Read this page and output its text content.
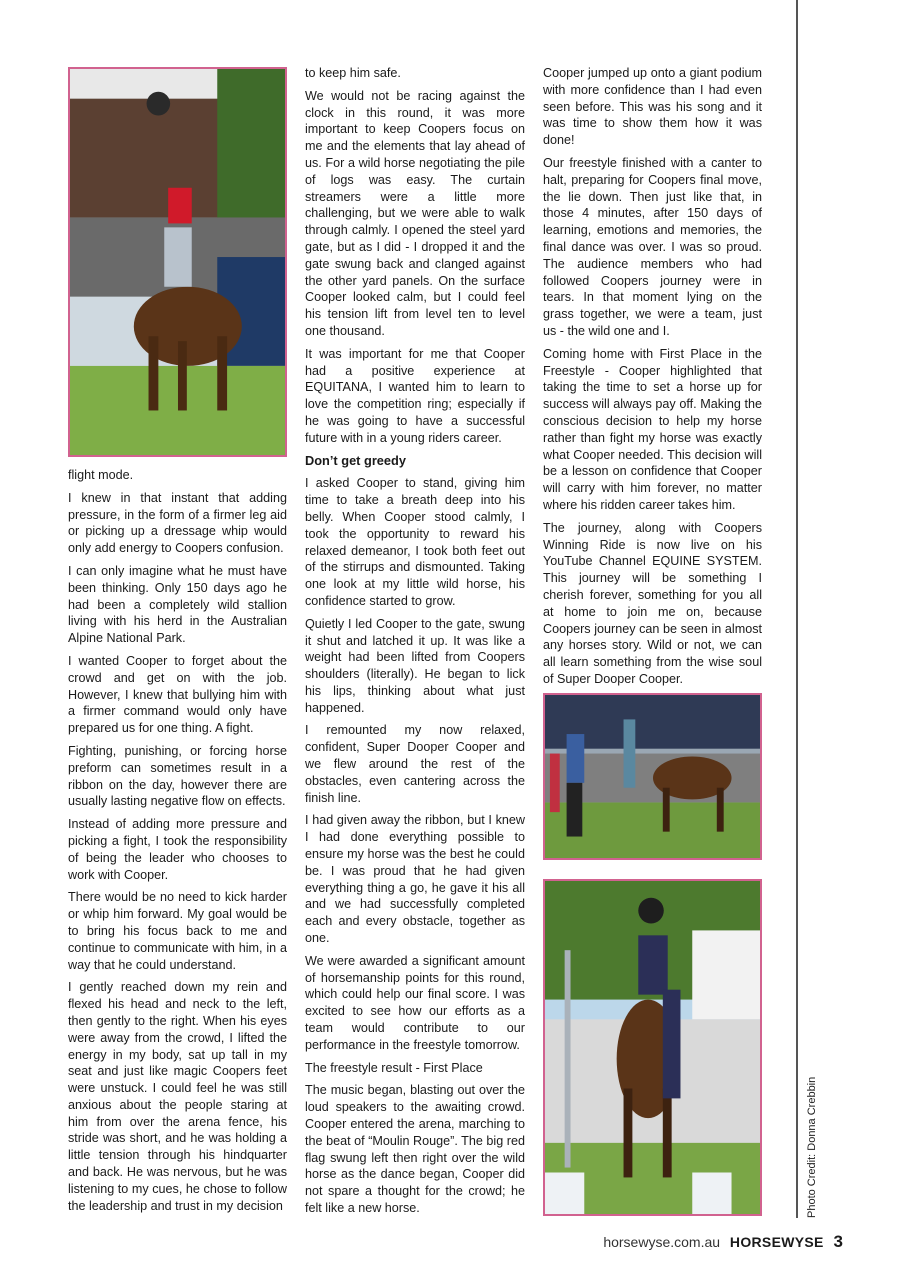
flight mode.

I knew in that instant that adding pressure, in the form of a firmer leg aid or picking up a dressage whip would only add energy to Coopers confusion.

I can only imagine what he must have been thinking. Only 150 days ago he had been a completely wild stallion living with his herd in the Australian Alpine National Park.

I wanted Cooper to forget about the crowd and get on with the job. However, I knew that bullying him with a firmer command would only have prepared us for one thing. A fight.

Fighting, punishing, or forcing horse preform can sometimes result in a ribbon on the day, however there are usually lasting negative flow on effects.

Instead of adding more pressure and picking a fight, I took the responsibility of being the leader who chooses to work with Cooper.

There would be no need to kick harder or whip him forward. My goal would be to bring his focus back to me and continue to communicate with him, in a way that he could understand.

I gently reached down my rein and flexed his head and neck to the left, then gently to the right. When his eyes were away from the crowd, I lifted the energy in my body, sat up tall in my seat and just like magic Coopers feet were unstuck. I could feel he was still anxious about the people staring at him from over the arena fence, his stride was short, and he was holding a little tension through his hindquarter and back. He was nervous, but he was listening to my cues, he chose to follow the leadership and trust in my decision

to keep him safe.

We would not be racing against the clock in this round, it was more important to keep Coopers focus on me and the elements that lay ahead of us. For a wild horse negotiating the pile of logs was easy. The curtain streamers were a little more challenging, but we were able to walk through calmly. I opened the steel yard gate, but as I did - I dropped it and the gate swung back and clanged against the other yard panels. On the surface Cooper looked calm, but I could feel his tension lift from level ten to level one thousand.

It was important for me that Cooper had a positive experience at EQUITANA, I wanted him to learn to love the competition ring; especially if he was going to have a successful future with in a young riders career.

Don’t get greedy

I asked Cooper to stand, giving him time to take a breath deep into his belly. When Cooper stood calmly, I took the opportunity to reward his relaxed demeanor, I took both feet out of the stirrups and dismounted. Taking one look at my little wild horse, his confidence started to grow.

Quietly I led Cooper to the gate, swung it shut and latched it up. It was like a weight had been lifted from Coopers shoulders (literally). He began to lick his lips, thinking about what just happened.

I remounted my now relaxed, confident, Super Dooper Cooper and we flew around the rest of the obstacles, even cantering across the finish line.

I had given away the ribbon, but I knew I had done everything possible to ensure my horse was the best he could be. I was proud that he had given everything thing a go, he gave it his all and we had successfully completed each and every obstacle, together as one.

We were awarded a significant amount of horsemanship points for this round, which could help our final score. I was excited to see how our efforts as a team would contribute to our performance in the freestyle tomorrow.

The freestyle result - First Place

The music began, blasting out over the loud speakers to the awaiting crowd. Cooper entered the arena, marching to the beat of “Moulin Rouge”. The big red flag swung left then right over the wild horse as the dance began, Cooper did not spare a thought for the crowd; he felt like a new horse.

Cooper jumped up onto a giant podium with more confidence than I had even seen before. This was his song and it was time to show them how it was done!

Our freestyle finished with a canter to halt, preparing for Coopers final move, the lie down. Then just like that, in those 4 minutes, after 150 days of learning, emotions and memories, the final dance was over. I was so proud. The audience members who had followed Coopers journey were in tears. In that moment lying on the grass together, we were a team, just us - the wild one and I.

Coming home with First Place in the Freestyle - Cooper highlighted that taking the time to set a horse up for success will always pay off. Making the conscious decision to help my horse rather than fight my horse was exactly what Cooper needed. This decision will be a lesson on confidence that Cooper will carry with him forever, no matter where his ridden career takes him.

The journey, along with Coopers Winning Ride is now live on his YouTube Channel EQUINE SYSTEM. This journey will be something I cherish forever, something for you all at home to join me on, because Coopers journey can be seen in almost any horses story. Wild or not, we can all learn something from the wise soul of Super Dooper Cooper.

Photo Credit: Donna Crebbin
horsewyse.com.au HORSEWYSE 3
